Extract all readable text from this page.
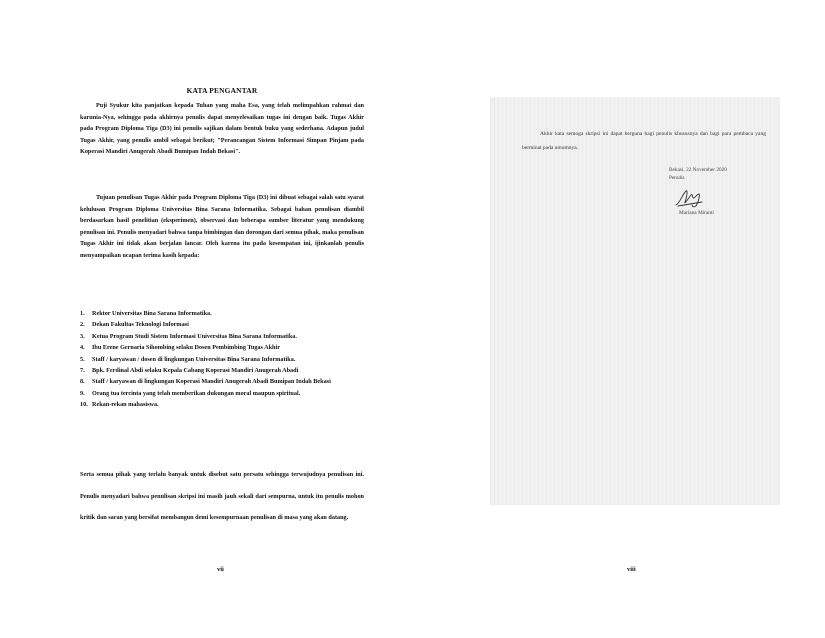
KATA PENGANTAR
Puji Syukur kita panjatkan kepada Tuhan yang maha Esa, yang telah melimpahkan rahmat dan karunia-Nya, sehingga pada akhirnya penulis dapat menyelesaikan tugas ini dengan baik. Tugas Akhir pada Program Diploma Tiga (D3) ini penulis sajikan dalam bentuk buku yang sederhana. Adapun judul Tugas Akhir, yang penulis ambil sebagai berikut; "Perancangan Sistem Informasi Simpan Pinjam pada Koperasi Mandiri Anugerah Abadi Bumipan Indah Bekasi".
Tujuan penulisan Tugas Akhir pada Program Diploma Tiga (D3) ini dibuat sebagai salah satu syarat kelulusan Program Diploma Universitas Bina Sarana Informatika. Sebagai bahan penulisan diambil berdasarkan hasil penelitian (eksperimen), observasi dan beberapa sumber literatur yang mendukung penulisan ini. Penulis menyadari bahwa tanpa bimbingan dan dorongan dari semua pihak, maka penulisan Tugas Akhir ini tidak akan berjalan lancar. Oleh karena itu pada kesempatan ini, ijinkanlah penulis menyampaikan ucapan terima kasih kepada:
1.	Rektor Universitas Bina Sarana Informatika.
2.	Dekan Fakultas Teknologi Informasi
3.	Ketua Program Studi Sistem Informasi Universitas Bina Sarana Informatika.
4.	Ibu Erene Gernaria Sihombing selaku Dosen Pembimbing Tugas Akhir
5.	Staff / karyawan / dosen di lingkungan Universitas Bina Sarana Informatika.
7.	Bpk. Ferdinal Abdi selaku Kepala Cabang Koperasi Mandiri Anugerah Abadi
8.	Staff / karyawan di lingkungan Koperasi Mandiri Anugerah Abadi Bumipan Indah Bekasi
9.	Orang tua tercinta yang telah memberikan dukungan moral maupun spiritual.
10. Rekan-rekan mahasiswa.
Serta semua pihak yang terlalu banyak untuk disebut satu persatu sehingga terwujudnya penulisan ini. Penulis menyadari bahwa penulisan skripsi ini masih jauh sekali dari sempurna, untuk itu penulis mohon kritik dan saran yang bersifat membangun demi kesempurnaan penulisan di masa yang akan datang.
vii
Akhir kata semoga skripsi ini dapat berguna bagi penulis khususnya dan bagi para pembaca yang berminat pada umumnya.
Bekasi, 22 November 2020
Penulis
Mariana Miranti
viii
